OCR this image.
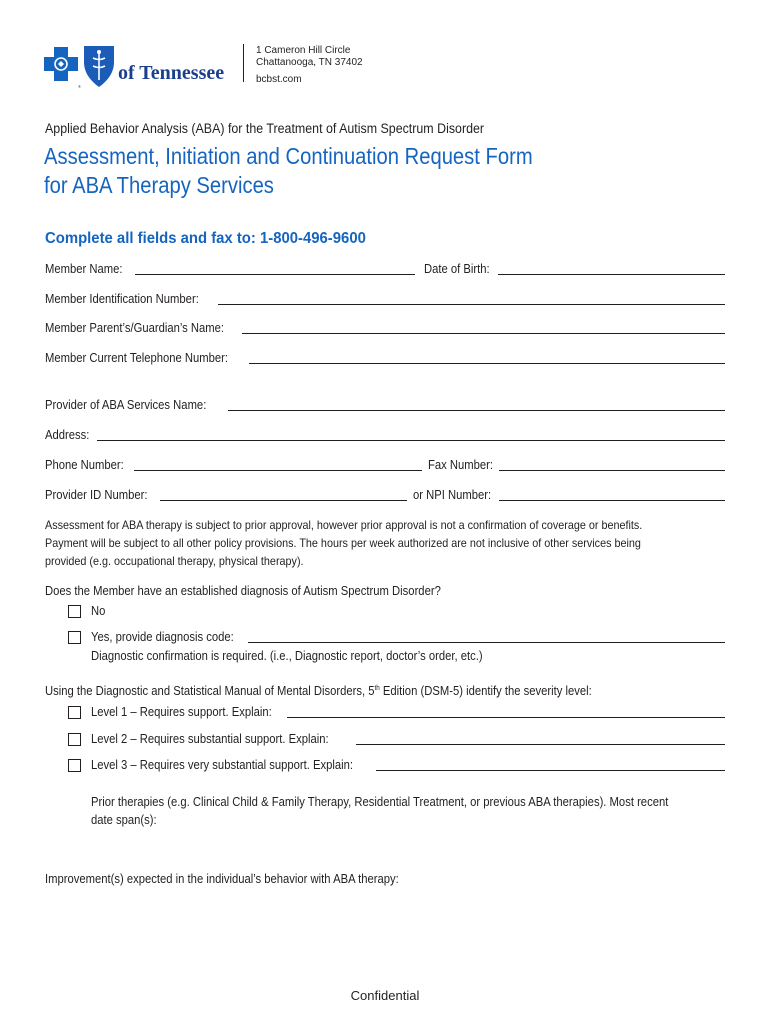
®
of Tennessee
1 Cameron Hill Circle
Chattanooga, TN 37402
bcbst.com
Applied Behavior Analysis (ABA) for the Treatment of Autism Spectrum Disorder
Assessment, Initiation and Continuation Request Form
for ABA Therapy Services
Complete all fields and fax to: 1-800-496-9600
Member Name:	Date of Birth:
Member Identification Number:
Member Parent’s/Guardian’s Name:
Member Current Telephone Number:
Provider of ABA Services Name:
Address:
Phone Number:	Fax Number:
Provider ID Number:	or NPI Number:
Assessment for ABA therapy is subject to prior approval, however prior approval is not a confirmation of coverage or benefits.
Payment will be subject to all other policy provisions. The hours per week authorized are not inclusive of other services being
provided (e.g. occupational therapy, physical therapy).
Does the Member have an established diagnosis of Autism Spectrum Disorder?
No
Yes, provide diagnosis code:
Diagnostic confirmation is required. (i.e., Diagnostic report, doctor’s order, etc.)
Using the Diagnostic and Statistical Manual of Mental Disorders, 5th Edition (DSM-5) identify the severity level:
Level 1 – Requires support. Explain:
Level 2 – Requires substantial support. Explain:
Level 3 – Requires very substantial support. Explain:
Prior therapies (e.g. Clinical Child & Family Therapy, Residential Treatment, or previous ABA therapies). Most recent
date span(s):
Improvement(s) expected in the individual’s behavior with ABA therapy:
Confidential
